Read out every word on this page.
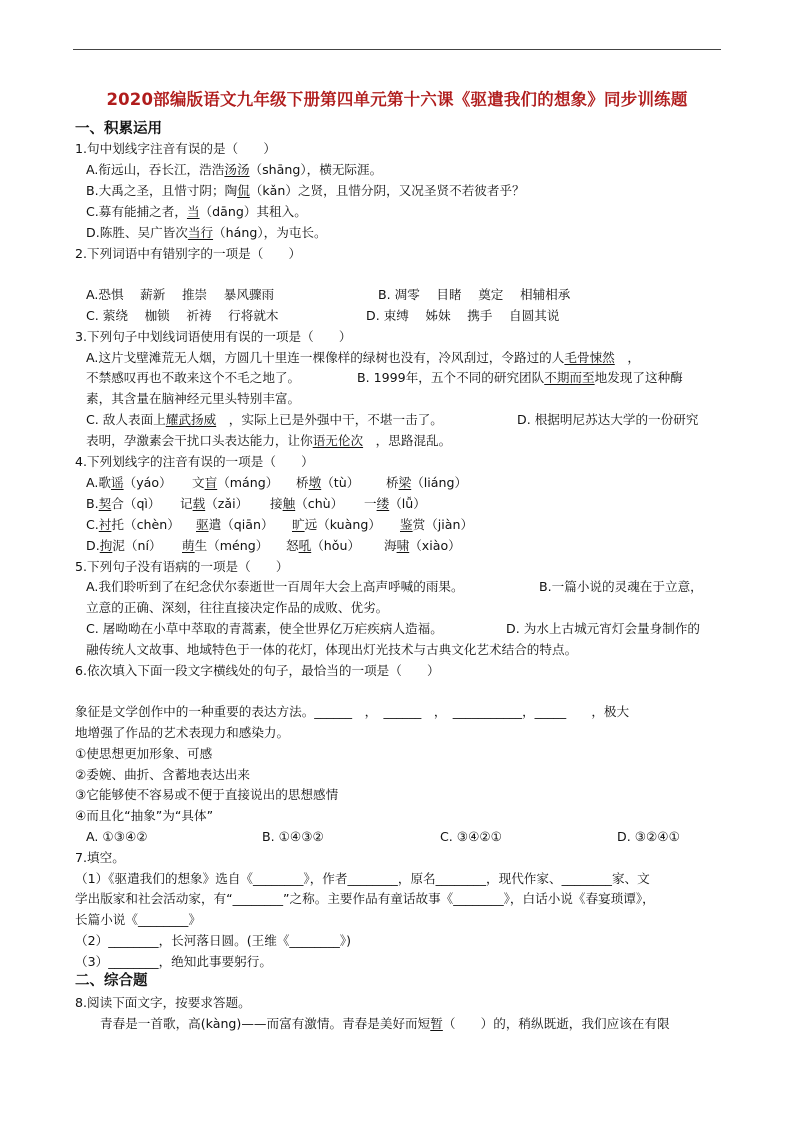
2020部编版语文九年级下册第四单元第十六课《驱遣我们的想象》同步训练题
一、积累运用
1.句中划线字注音有误的是（　　）
A.衔远山，吞长江，浩浩汤汤（shāng），横无际涯。
B.大禹之圣，且惜寸阴；陶侃（kǎn）之贤，且惜分阴，又况圣贤不若彼者乎？
C.募有能捕之者，当（dāng）其租入。
D.陈胜、吴广皆次当行（háng），为屯长。
2.下列词语中有错别字的一项是（　　）
A.恐惧　 薪新　 推崇　 暴风骤雨	B. 凋零　 目睹　 奠定　 相辅相承
C. 萦绕　 枷锁　 祈祷　 行将就木	D. 束缚　 姊妹　 携手　 自圆其说
3.下列句子中划线词语使用有误的一项是（　　）
A.这片戈壁滩荒无人烟，方圆几十里连一棵像样的绿树也没有，冷风刮过，令路过的人毛骨悚然　，
不禁感叹再也不敢来这个不毛之地了。	B. 1999年，五个不同的研究团队不期而至地发现了这种酶
素，其含量在脑神经元里头特别丰富。
C. 敌人表面上耀武扬威　，实际上已是外强中干，不堪一击了。	D. 根据明尼苏达大学的一份研究
表明，孕激素会干扰口头表达能力，让你语无伦次　，思路混乱。
4.下列划线字的注音有误的一项是（　　）
A.歌谣（yáo） 文盲（máng） 桥墩（tù） 桥梁（liáng）
B.契合（qì） 记载（zǎi） 接触（chù） 一缕（lǚ）
C.衬托（chèn） 驱遣（qiān） 旷远（kuàng） 鉴赏（jiàn）
D.拘泥（ní） 萌生（méng） 怒吼（hǒu） 海啸（xiào）
5.下列句子没有语病的一项是（　　）
A.我们聆听到了在纪念伏尔泰逝世一百周年大会上高声呼喊的雨果。	B.一篇小说的灵魂在于立意，
立意的正确、深刻，往往直接决定作品的成败、优劣。
C. 屠呦呦在小草中萃取的青蒿素，使全世界亿万疟疾病人造福。	D. 为水上古城元宵灯会量身制作的
融传统人文故事、地域特色于一体的花灯，体现出灯光技术与古典文化艺术结合的特点。
6.依次填入下面一段文字横线处的句子，最恰当的一项是（　　）
象征是文学创作中的一种重要的表达方法。______　，　______　，　___________，_____　　，极大
地增强了作品的艺术表现力和感染力。
①使思想更加形象、可感
②委婉、曲折、含蓄地表达出来
③它能够使不容易或不便于直接说出的思想感情
④而且化“抽象”为“具体”
A. ①③④②	B. ①④③②	C. ③④②①	D. ③②④①
7.填空。
（1）《驱遣我们的想象》选自《________》，作者________，原名________，现代作家、________家、文
学出版家和社会活动家，有“________”之称。主要作品有童话故事《________》，白话小说《春宴琐谭》，
长篇小说《________》
（2）________，长河落日圆。(王维《________》)
（3）________，绝知此事要躬行。
二、综合题
8.阅读下面文字，按要求答题。
青春是一首歌，高(kàng)——而富有激情。青春是美好而短暂（　　）的，稍纵既逝，我们应该在有限
